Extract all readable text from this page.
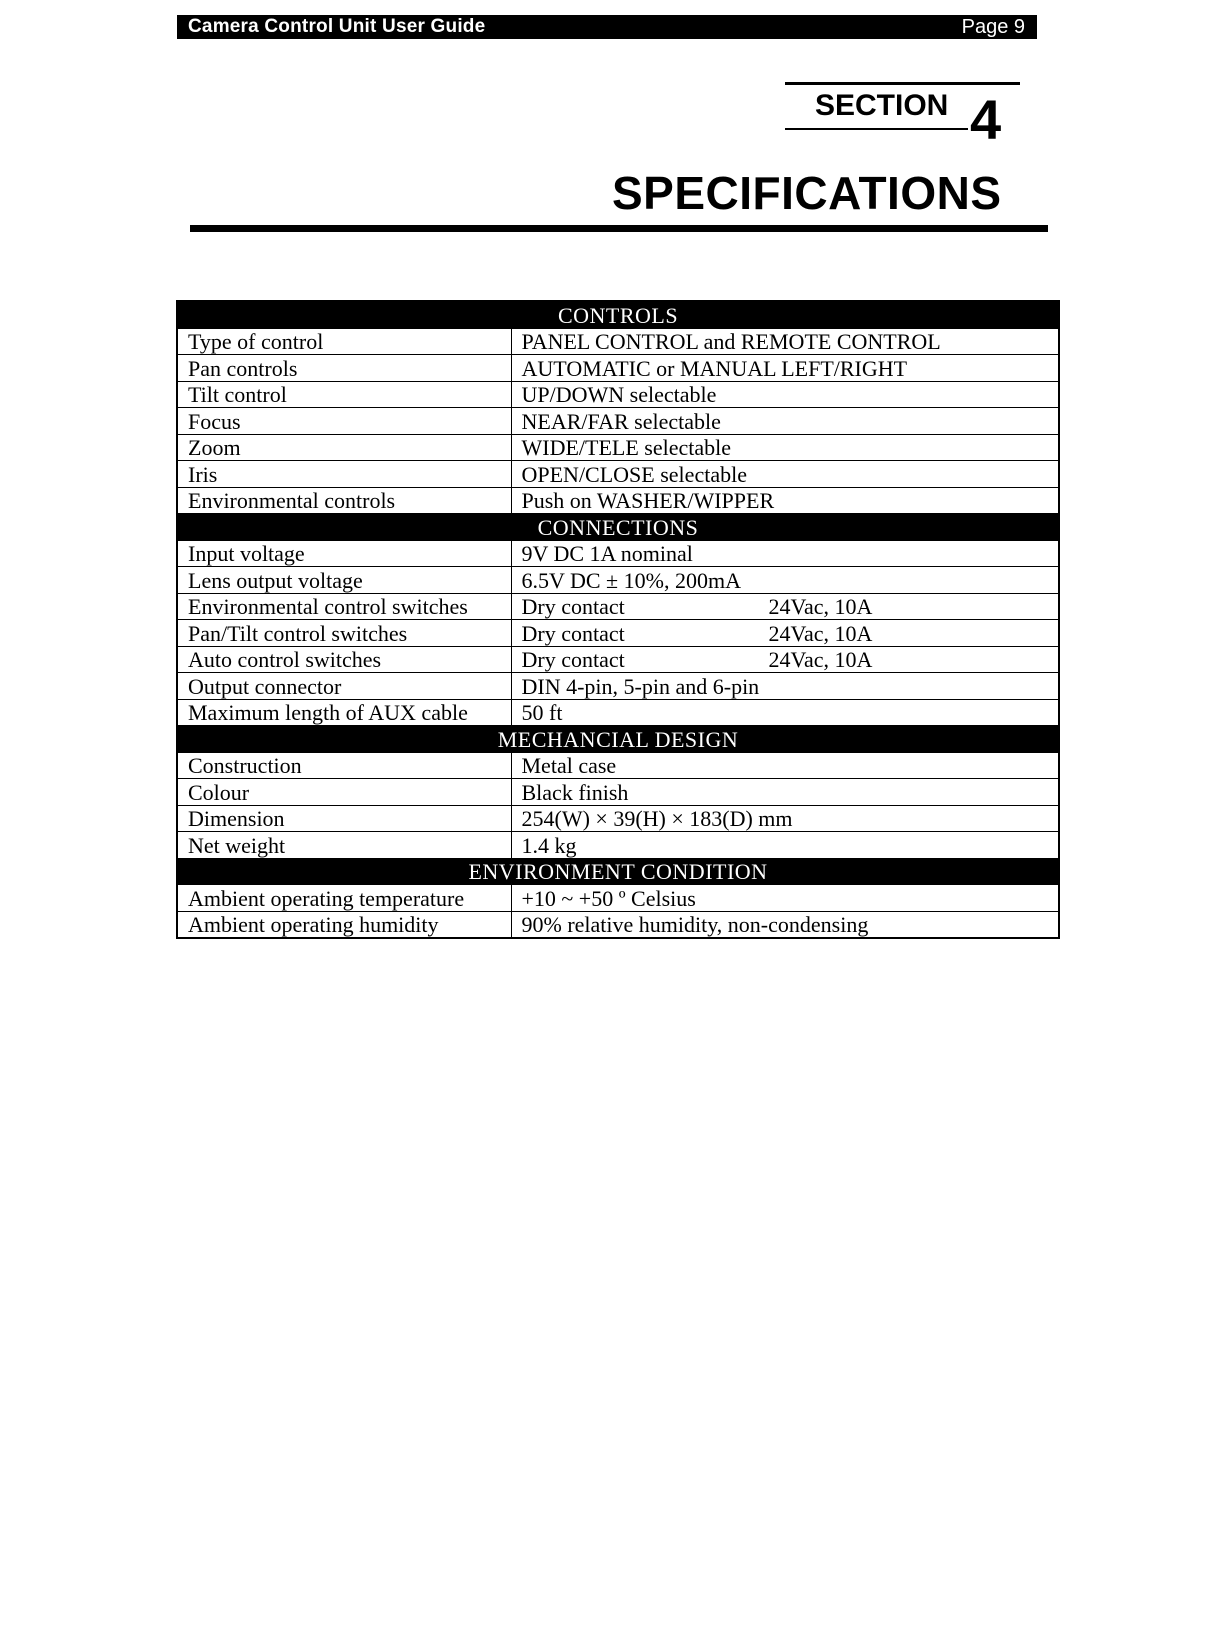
Camera Control Unit User Guide	Page 9
SECTION 4
SPECIFICATIONS
CONTROLS	
Type of control	PANEL CONTROL and REMOTE CONTROL
Pan controls	AUTOMATIC or MANUAL LEFT/RIGHT
Tilt control	UP/DOWN selectable
Focus	NEAR/FAR selectable
Zoom	WIDE/TELE selectable
Iris	OPEN/CLOSE selectable
Environmental controls	Push on WASHER/WIPPER
CONNECTIONS	
Input voltage	9V DC 1A nominal
Lens output voltage	6.5V DC ± 10%, 200mA
Environmental control switches	Dry contact 24Vac, 10A
Pan/Tilt control switches	Dry contact 24Vac, 10A
Auto control switches	Dry contact 24Vac, 10A
Output connector	DIN 4-pin, 5-pin and 6-pin
Maximum length of AUX cable	50 ft
MECHANCIAL DESIGN	
Construction	Metal case
Colour	Black finish
Dimension	254(W) × 39(H) × 183(D) mm
Net weight	1.4 kg
ENVIRONMENT CONDITION	
Ambient operating temperature	+10 ~ +50 º Celsius
Ambient operating humidity	90% relative humidity, non-condensing
